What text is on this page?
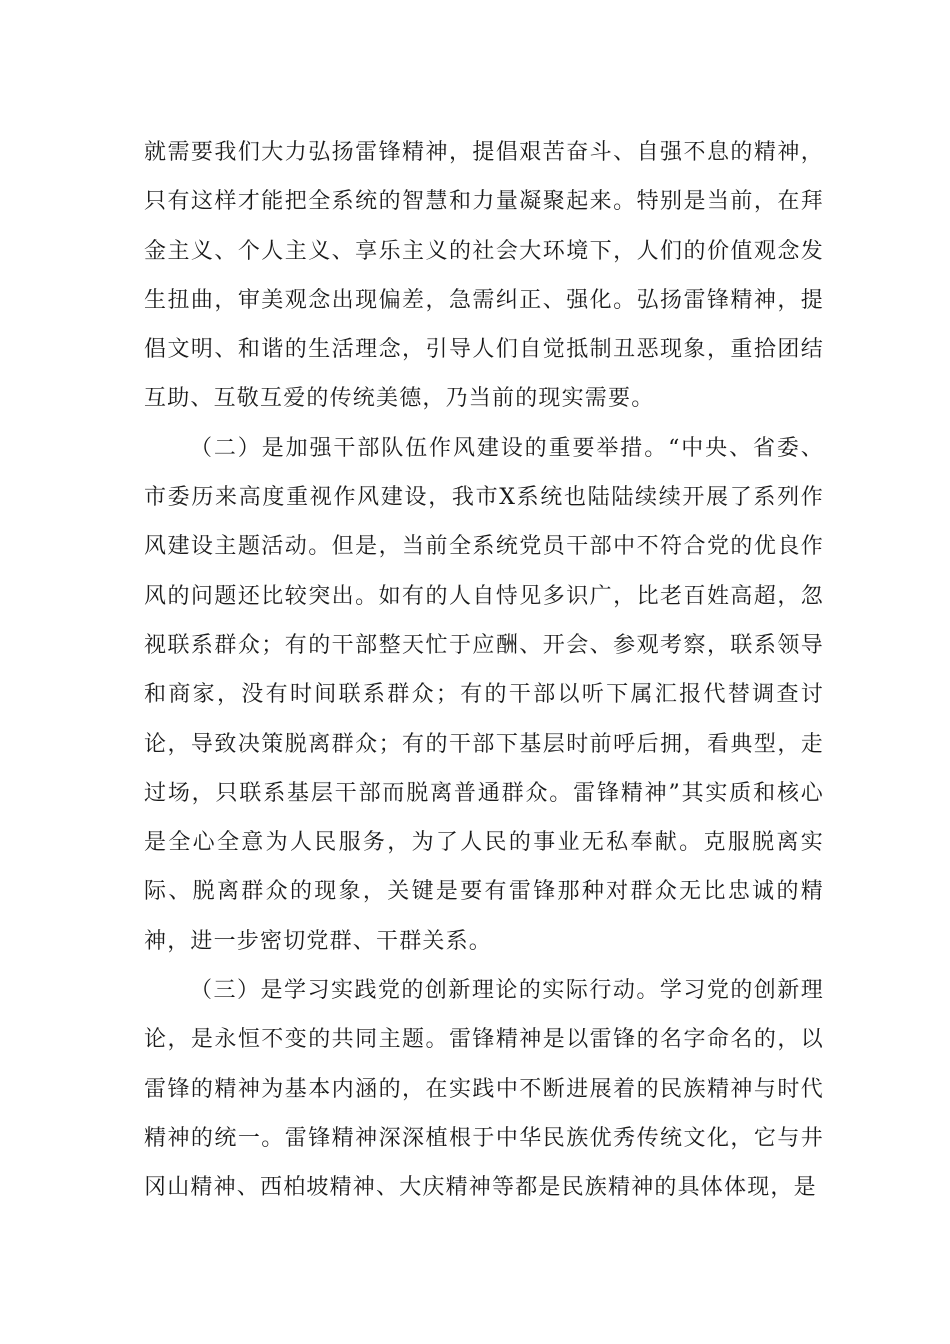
就需要我们大力弘扬雷锋精神，提倡艰苦奋斗、自强不息的精神，只有这样才能把全系统的智慧和力量凝聚起来。特别是当前，在拜金主义、个人主义、享乐主义的社会大环境下，人们的价值观念发生扭曲，审美观念出现偏差，急需纠正、强化。弘扬雷锋精神，提倡文明、和谐的生活理念，引导人们自觉抵制丑恶现象，重拾团结互助、互敬互爱的传统美德，乃当前的现实需要。

（二）是加强干部队伍作风建设的重要举措。“中央、省委、市委历来高度重视作风建设，我市X系统也陆陆续续开展了系列作风建设主题活动。但是，当前全系统党员干部中不符合党的优良作风的问题还比较突出。如有的人自恃见多识广，比老百姓高超，忽视联系群众；有的干部整天忙于应酬、开会、参观考察，联系领导和商家，没有时间联系群众；有的干部以听下属汇报代替调查讨论，导致决策脱离群众；有的干部下基层时前呼后拥，看典型，走过场，只联系基层干部而脱离普通群众。雷锋精神”其实质和核心是全心全意为人民服务，为了人民的事业无私奉献。克服脱离实际、脱离群众的现象，关键是要有雷锋那种对群众无比忠诚的精神，进一步密切党群、干群关系。

（三）是学习实践党的创新理论的实际行动。学习党的创新理论，是永恒不变的共同主题。雷锋精神是以雷锋的名字命名的，以雷锋的精神为基本内涵的，在实践中不断进展着的民族精神与时代精神的统一。雷锋精神深深植根于中华民族优秀传统文化，它与井冈山精神、西柏坡精神、大庆精神等都是民族精神的具体体现，是
